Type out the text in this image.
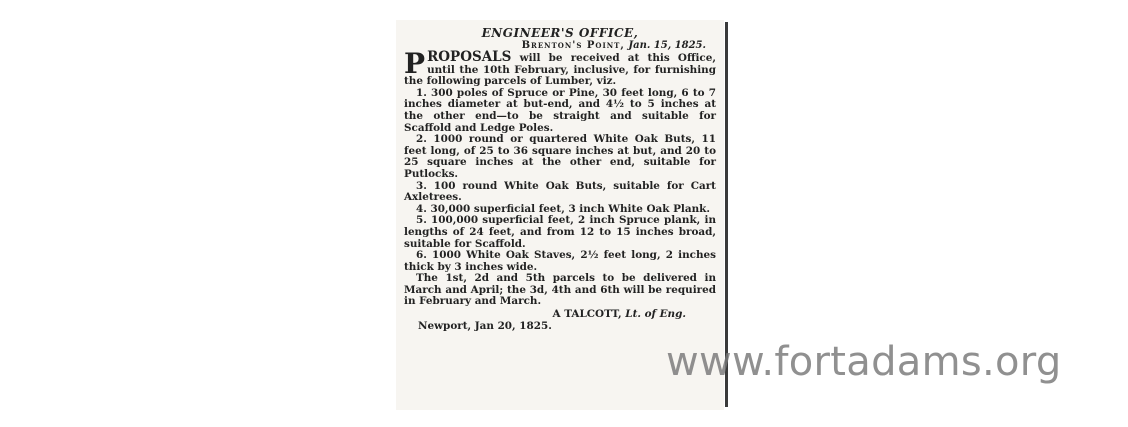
ENGINEER'S OFFICE,

Brenton's Point, Jan. 15, 1825.

PROPOSALS will be received at this Office, until the 10th February, inclusive, for furnishing the following parcels of Lumber, viz.

1. 300 poles of Spruce or Pine, 30 feet long, 6 to 7 inches diameter at but-end, and 4½ to 5 inches at the other end—to be straight and suitable for Scaffold and Ledge Poles.

2. 1000 round or quartered White Oak Buts, 11 feet long, of 25 to 36 square inches at but, and 20 to 25 square inches at the other end, suitable for Putlocks.

3. 100 round White Oak Buts, suitable for Cart Axletrees.

4. 30,000 superficial feet, 3 inch White Oak Plank.

5. 100,000 superficial feet, 2 inch Spruce plank, in lengths of 24 feet, and from 12 to 15 inches broad, suitable for Scaffold.

6. 1000 White Oak Staves, 2½ feet long, 2 inches thick by 3 inches wide.

The 1st, 2d and 5th parcels to be delivered in March and April; the 3d, 4th and 6th will be required in February and March.

A TALCOTT, Lt. of Eng.

Newport, Jan 20, 1825.

www.fortadams.org
